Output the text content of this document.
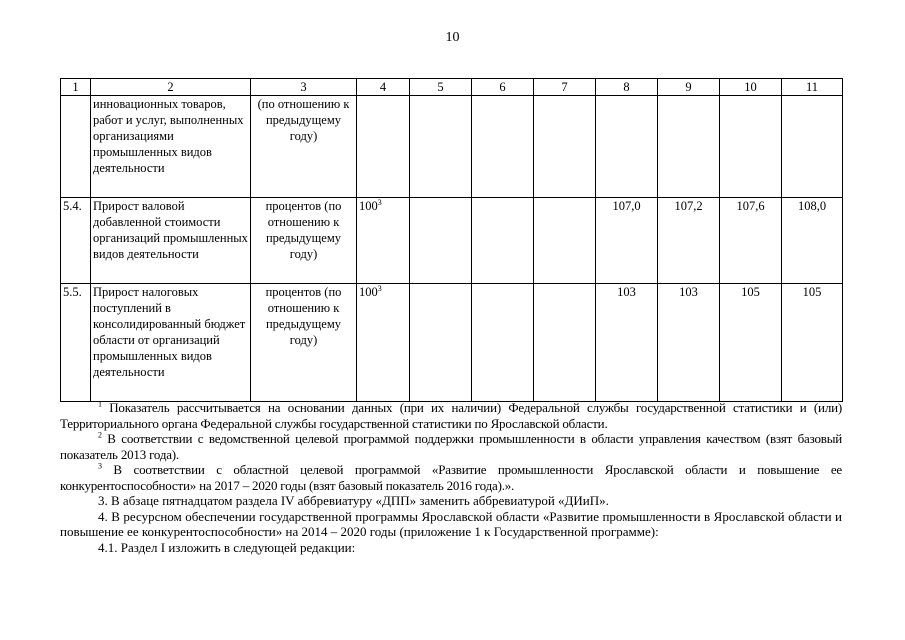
10
1	2	3	4	5	6	7	8	9	10	11
	инновационных товаров, работ и услуг, выполненных организациями промышленных видов деятельности	(по отношению к предыдущему году)								
5.4.	Прирост валовой добавленной стоимости организаций промышленных видов деятельности	процентов (по отношению к предыдущему году)	$100^3$				107,0	107,2	107,6	108,0
5.5.	Прирост налоговых поступлений в консолидированный бюджет области от организаций промышленных видов деятельности	процентов (по отношению к предыдущему году)	$100^3$				103	103	105	105

$^1$ Показатель рассчитывается на основании данных (при их наличии) Федеральной службы государственной статистики и (или) Территориального органа Федеральной службы государственной статистики по Ярославской области.

$^2$ В соответствии с ведомственной целевой программой поддержки промышленности в области управления качеством (взят базовый показатель 2013 года).

$^3$ В соответствии с областной целевой программой «Развитие промышленности Ярославской области и повышение ее конкурентоспособности» на 2017 – 2020 годы (взят базовый показатель 2016 года).».

3. В абзаце пятнадцатом раздела IV аббревиатуру «ДПП» заменить аббревиатурой «ДИиП».

4. В ресурсном обеспечении государственной программы Ярославской области «Развитие промышленности в Ярославской области и повышение ее конкурентоспособности» на 2014 – 2020 годы (приложение 1 к Государственной программе):

4.1. Раздел I изложить в следующей редакции:
